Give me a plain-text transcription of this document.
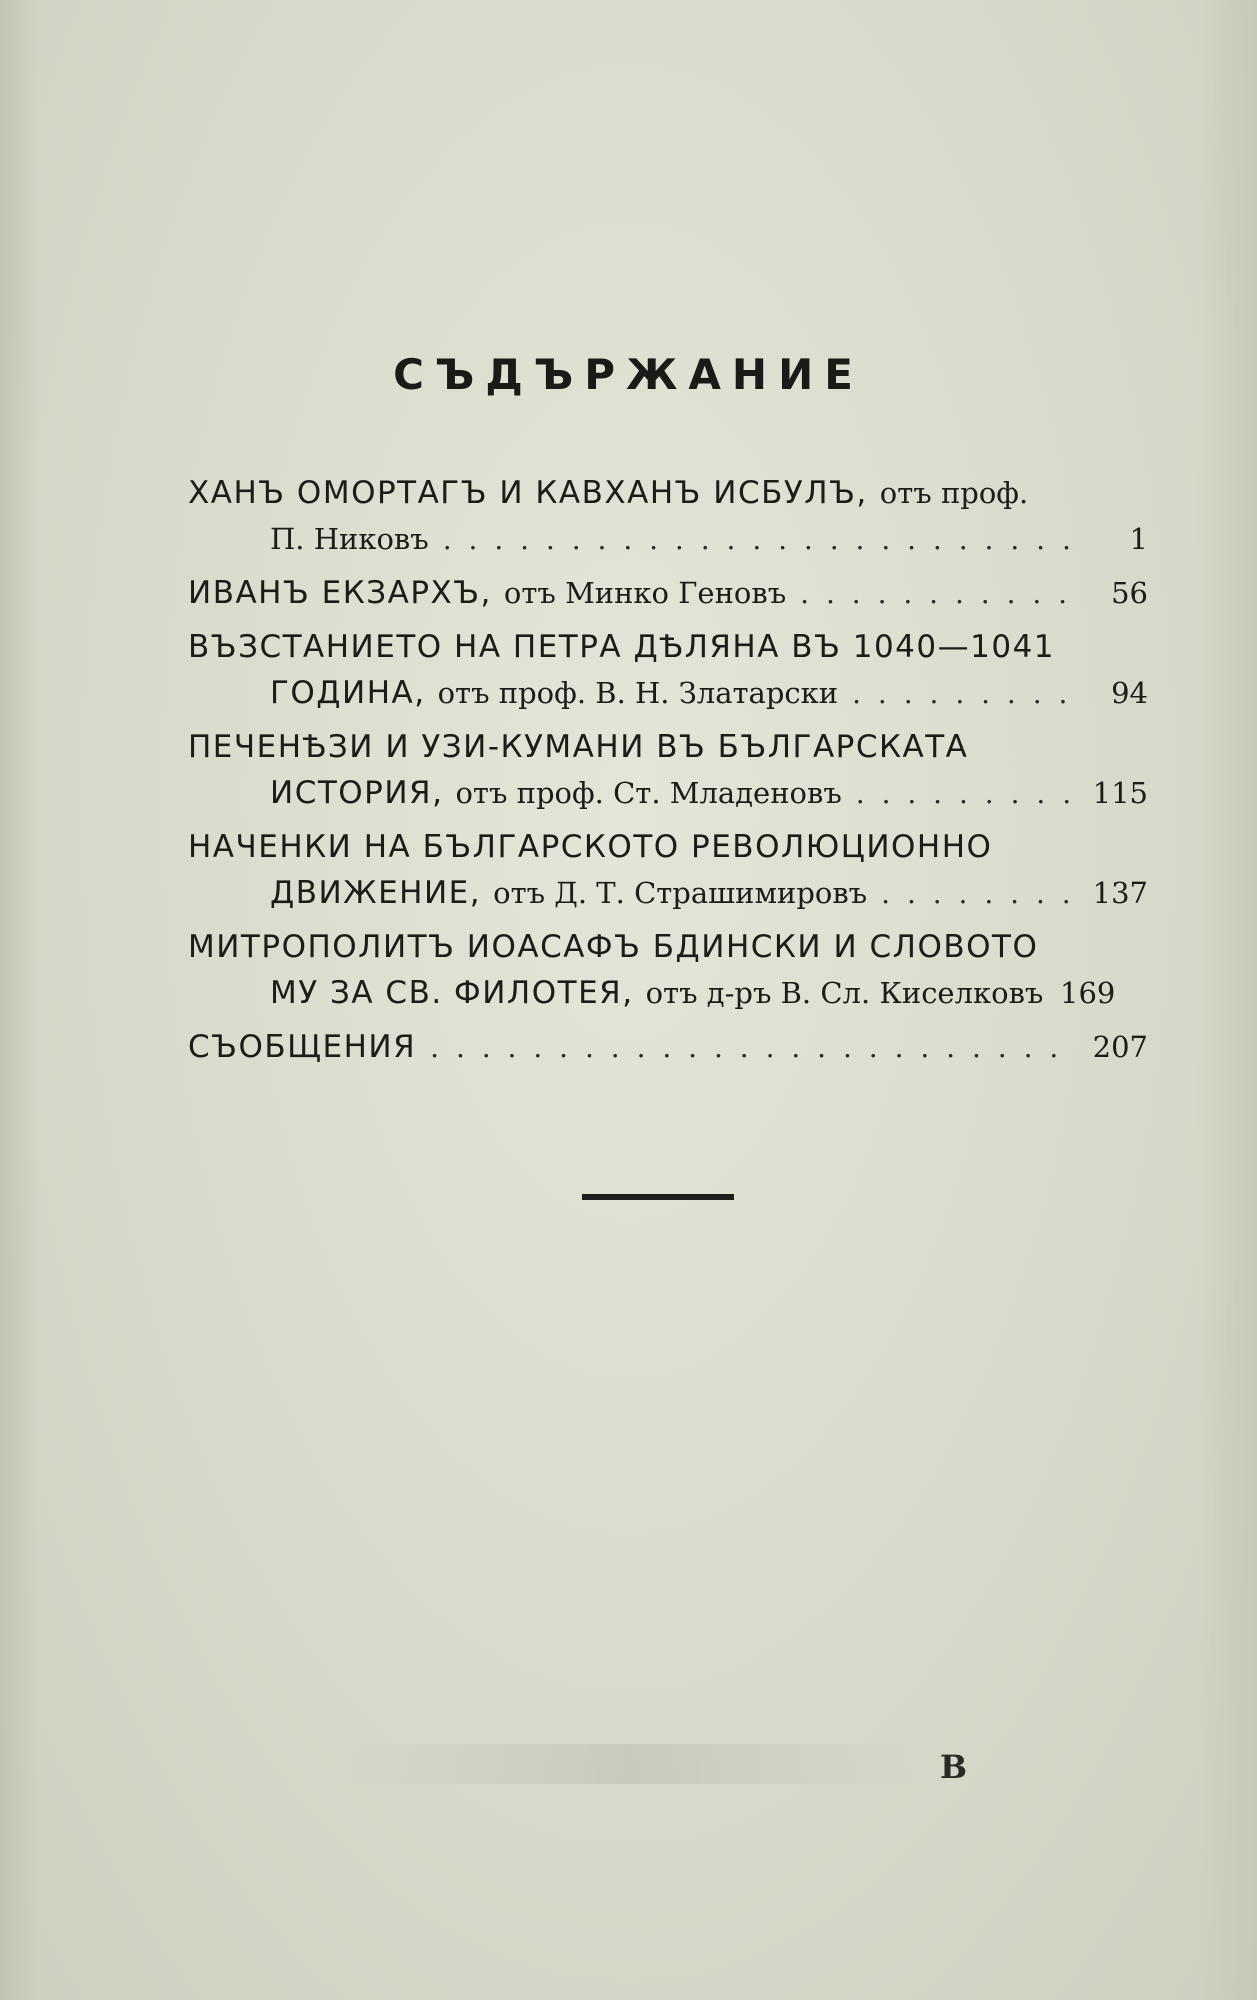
СЪДЪРЖАНИЕ
ХАНЪ ОМОРТАГЪ И КАВХАНЪ ИСБУЛЪ, отъ проф.
П. Никовъ . . .	1
ИВАНЪ ЕКЗАРХЪ, отъ Минко Геновъ . . .	56
ВЪЗСТАНИЕТО НА ПЕТРА ДѢЛЯНА ВЪ 1040—1041
ГОДИНА, отъ проф. В. Н. Златарски . . .	94
ПЕЧЕНѢЗИ И УЗИ-КУМАНИ ВЪ БЪЛГАРСКАТА
ИСТОРИЯ, отъ проф. Ст. Младеновъ . . .	115
НАЧЕНКИ НА БЪЛГАРСКОТО РЕВОЛЮЦИОННО
ДВИЖЕНИЕ, отъ Д. Т. Страшимировъ . . .	137
МИТРОПОЛИТЪ ИОАСАФЪ БДИНСКИ И СЛОВОТО
МУ ЗА СВ. ФИЛОТЕЯ, отъ д-ръ В. Сл. Киселковъ 169
СЪОБЩЕНИЯ . . .	207
В
